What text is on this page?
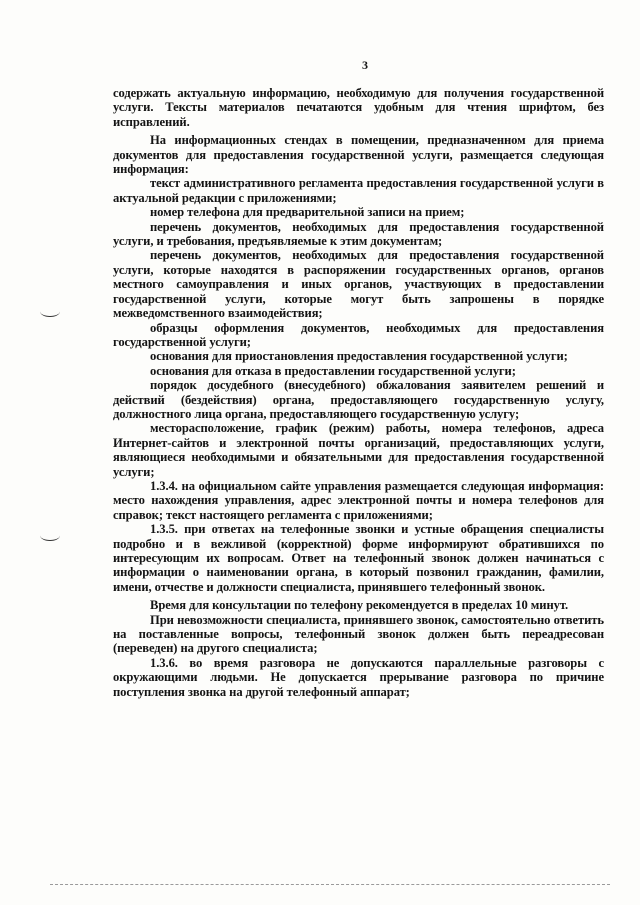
3

содержать актуальную информацию, необходимую для получения государственной услуги. Тексты материалов печатаются удобным для чтения шрифтом, без исправлений.

На информационных стендах в помещении, предназначенном для приема документов для предоставления государственной услуги, размещается следующая информация:

текст административного регламента предоставления государственной услуги в актуальной редакции с приложениями;

номер телефона для предварительной записи на прием;

перечень документов, необходимых для предоставления государственной услуги, и требования, предъявляемые к этим документам;

перечень документов, необходимых для предоставления государственной услуги, которые находятся в распоряжении государственных органов, органов местного самоуправления и иных органов, участвующих в предоставлении государственной услуги, которые могут быть запрошены в порядке межведомственного взаимодействия;

образцы оформления документов, необходимых для предоставления государственной услуги;

основания для приостановления предоставления государственной услуги;

основания для отказа в предоставлении государственной услуги;

порядок досудебного (внесудебного) обжалования заявителем решений и действий (бездействия) органа, предоставляющего государственную услугу, должностного лица органа, предоставляющего государственную услугу;

месторасположение, график (режим) работы, номера телефонов, адреса Интернет-сайтов и электронной почты организаций, предоставляющих услуги, являющиеся необходимыми и обязательными для предоставления государственной услуги;

1.3.4. на официальном сайте управления размещается следующая информация: место нахождения управления, адрес электронной почты и номера телефонов для справок; текст настоящего регламента с приложениями;

1.3.5. при ответах на телефонные звонки и устные обращения специалисты подробно и в вежливой (корректной) форме информируют обратившихся по интересующим их вопросам. Ответ на телефонный звонок должен начинаться с информации о наименовании органа, в который позвонил гражданин, фамилии, имени, отчестве и должности специалиста, принявшего телефонный звонок.

Время для консультации по телефону рекомендуется в пределах 10 минут.

При невозможности специалиста, принявшего звонок, самостоятельно ответить на поставленные вопросы, телефонный звонок должен быть переадресован (переведен) на другого специалиста;

1.3.6. во время разговора не допускаются параллельные разговоры с окружающими людьми. Не допускается прерывание разговора по причине поступления звонка на другой телефонный аппарат;
